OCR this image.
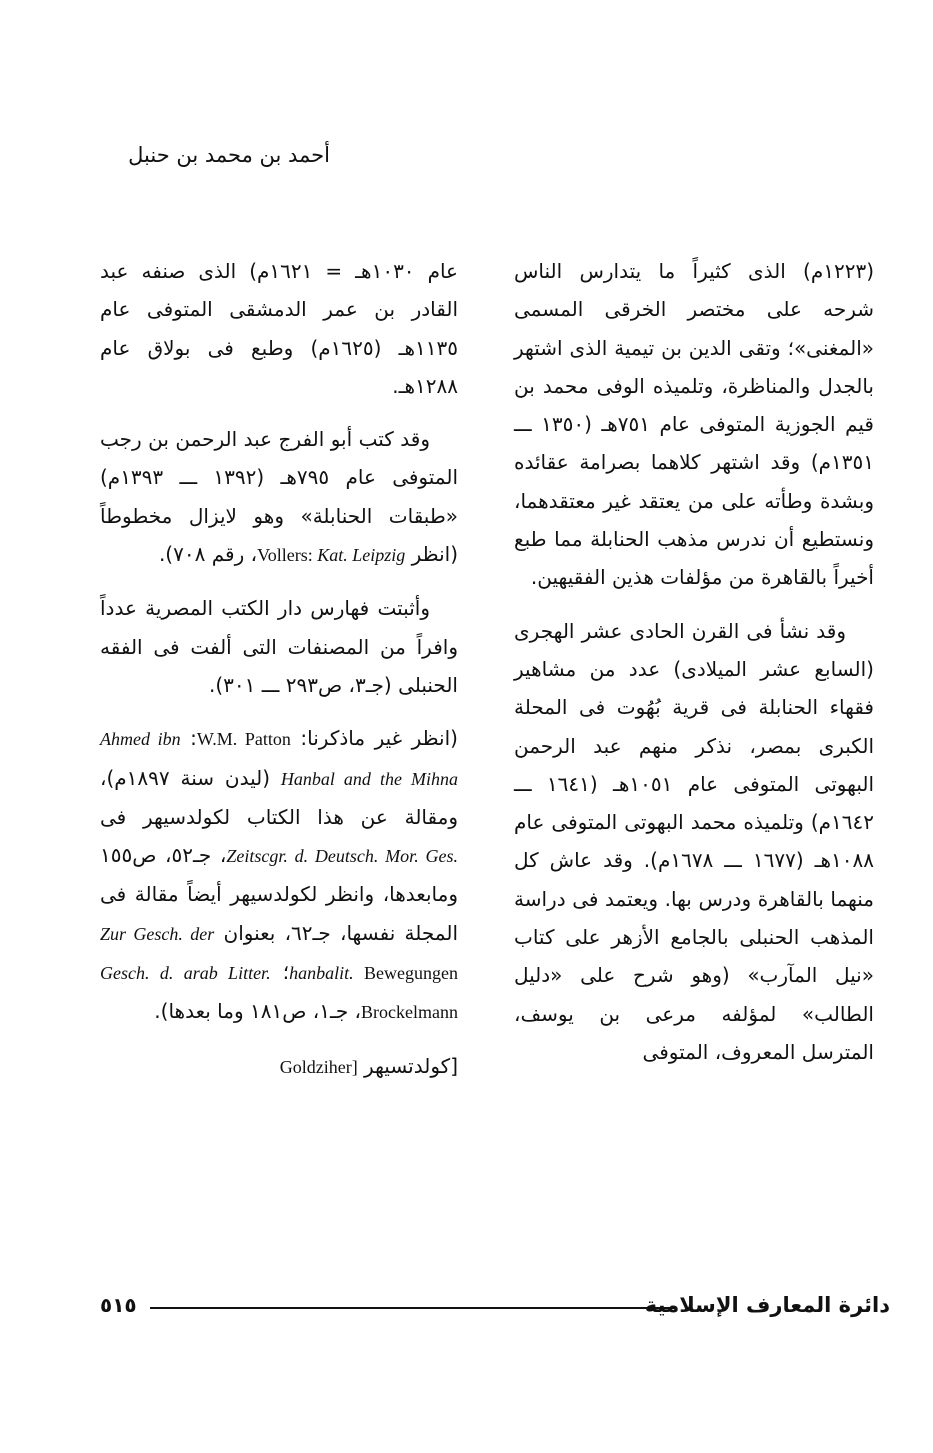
أحمد بن محمد بن حنبل

(١٢٢٣م) الذى كثيراً ما يتدارس الناس شرحه على مختصر الخرقى المسمى «المغنى»؛ وتقى الدين بن تيمية الذى اشتهر بالجدل والمناظرة، وتلميذه الوفى محمد بن قيم الجوزية المتوفى عام ٧٥١هـ (١٣٥٠ ـــ ١٣٥١م) وقد اشتهر كلاهما بصرامة عقائده وبشدة وطأته على من يعتقد غير معتقدهما، ونستطيع أن ندرس مذهب الحنابلة مما طبع أخيراً بالقاهرة من مؤلفات هذين الفقيهين.

وقد نشأ فى القرن الحادى عشر الهجرى (السابع عشر الميلادى) عدد من مشاهير فقهاء الحنابلة فى قرية بُهُوت فى المحلة الكبرى بمصر، نذكر منهم عبد الرحمن البهوتى المتوفى عام ١٠٥١هـ (١٦٤١ ـــ ١٦٤٢م) وتلميذه محمد البهوتى المتوفى عام ١٠٨٨هـ (١٦٧٧ ـــ ١٦٧٨م). وقد عاش كل منهما بالقاهرة ودرس بها. ويعتمد فى دراسة المذهب الحنبلى بالجامع الأزهر على كتاب «نيل المآرب» (وهو شرح على «دليل الطالب» لمؤلفه مرعى بن يوسف، المترسل المعروف، المتوفى

عام ١٠٣٠هـ = ١٦٢١م) الذى صنفه عبد القادر بن عمر الدمشقى المتوفى عام ١١٣٥هـ (١٦٢٥م) وطبع فى بولاق عام ١٢٨٨هـ.

وقد كتب أبو الفرج عبد الرحمن بن رجب المتوفى عام ٧٩٥هـ (١٣٩٢ ـــ ١٣٩٣م) «طبقات الحنابلة» وهو لايزال مخطوطاً (انظر Vollers: Kat. Leipzig، رقم ٧٠٨).

وأثبتت فهارس دار الكتب المصرية عدداً وافراً من المصنفات التى ألفت فى الفقه الحنبلى (جـ٣، ص٢٩٣ ـــ ٣٠١).

(انظر غير ماذكرنا: W.M. Patton: Ahmed ibn Hanbal and the Mihna (ليدن سنة ١٨٩٧م)، ومقالة عن هذا الكتاب لكولدسيهر فى Zeitscgr. d. Deutsch. Mor. Ges.، جـ٥٢، ص١٥٥ ومابعدها، وانظر لكولدسيهر أيضاً مقالة فى المجلة نفسها، جـ٦٢، بعنوان Zur Gesch. der hanbalit. Bewegungen؛ Gesch. d. arab Litter. Brockelmann، جـ١، ص١٨١ وما بعدها).

[كولدتسيهر Goldziher]

٥١٥	دائرة المعارف الإسلامية
